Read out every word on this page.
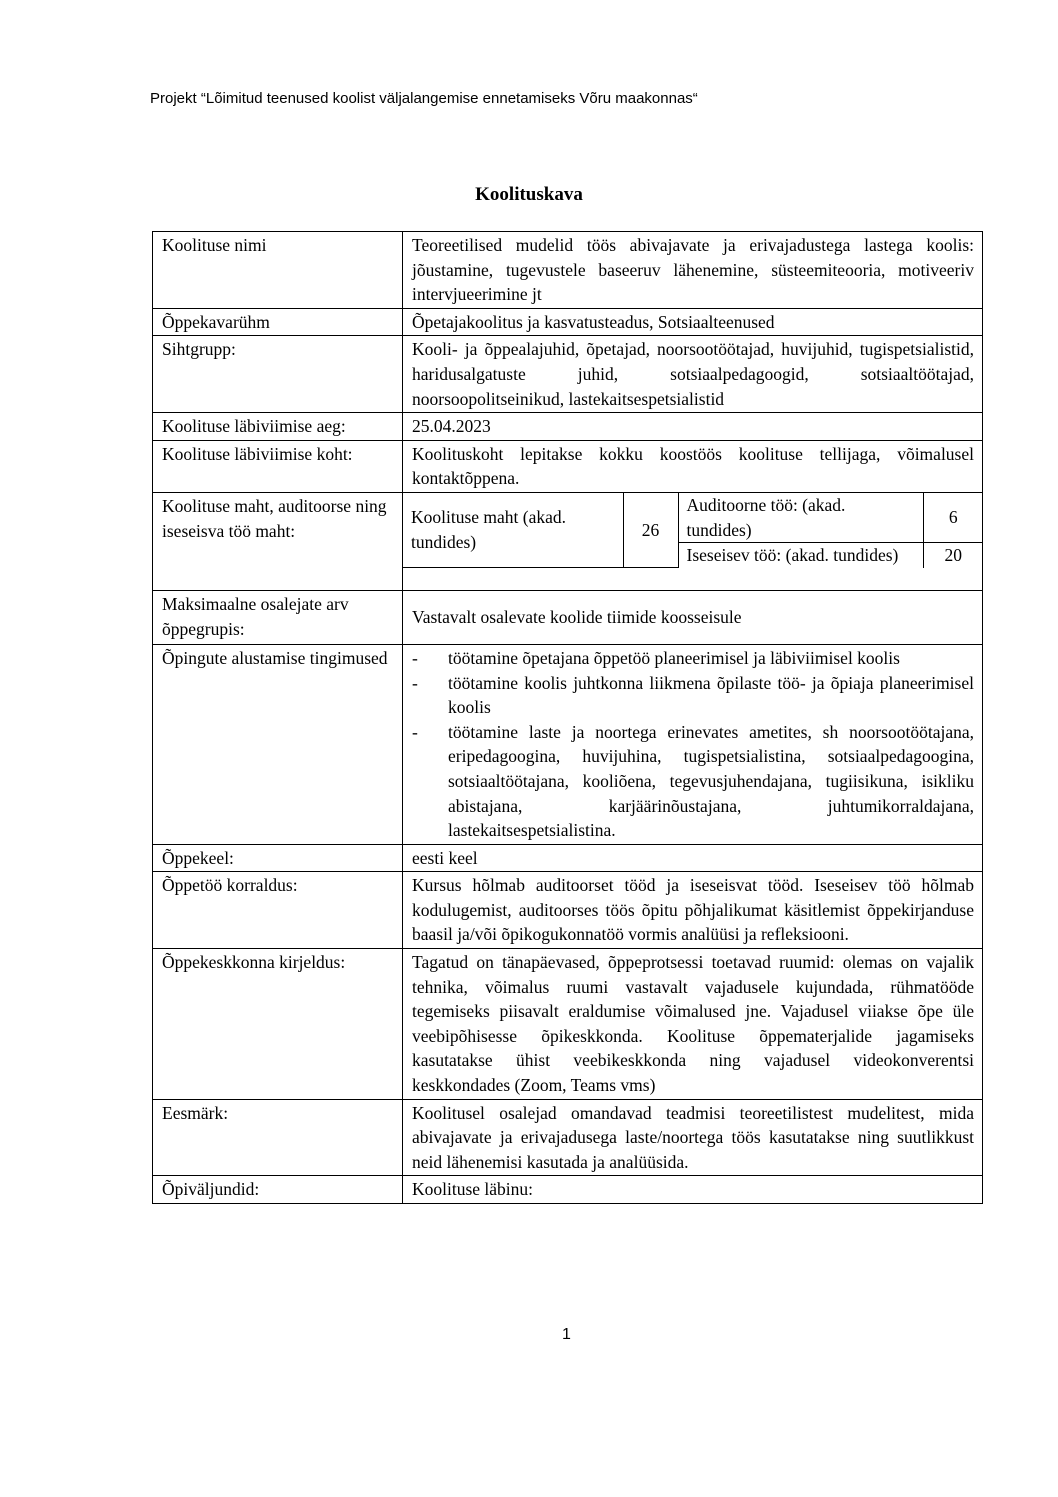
Projekt “Lõimitud teenused koolist väljalangemise ennetamiseks Võru maakonnas“
Koolituskava
Koolituse nimi	Teoreetilised mudelid töös abivajavate ja erivajadustega lastega koolis: jõustamine, tugevustele baseeruv lähenemine, süsteemiteooria, motiveeriv intervjueerimine jt
Õppekavarühm	Õpetajakoolitus ja kasvatusteadus, Sotsiaalteenused
Sihtgrupp:	Kooli- ja õppealajuhid, õpetajad, noorsootöötajad, huvijuhid, tugispetsialistid, haridusalgatuste juhid, sotsiaalpedagoogid, sotsiaaltöötajad, noorsoopolitseinikud, lastekaitsespetsialistid
Koolituse läbiviimise aeg:	25.04.2023
Koolituse läbiviimise koht:	Koolituskoht lepitakse kokku koostöös koolituse tellijaga, võimalusel kontaktõppena.
Koolituse maht, auditoorse ning iseseisva töö maht:	
Koolituse maht (akad. tundides)	26	Auditoorne töö: (akad. tundides)	6
Iseseisev töö: (akad. tundides)	20

Maksimaalne osalejate arv õppegrupis:	Vastavalt osalevate koolide tiimide koosseisule
Õpingute alustamise tingimused	
-töötamine õpetajana õppetöö planeerimisel ja läbiviimisel koolis
- töötamine koolis juhtkonna liikmena õpilaste töö- ja õpiaja planeerimisel koolis
- töötamine laste ja noortega erinevates ametites, sh noorsootöötajana, eripedagoogina, huvijuhina, tugispetsialistina, sotsiaalpedagoogina, sotsiaaltöötajana, kooliõena, tegevusjuhendajana, tugiisikuna, isikliku abistajana, karjäärinõustajana, juhtumikorraldajana, lastekaitsespetsialistina.

Õppekeel:	eesti keel
Õppetöö korraldus:	Kursus hõlmab auditoorset tööd ja iseseisvat tööd. Iseseisev töö hõlmab kodulugemist, auditoorses töös õpitu põhjalikumat käsitlemist õppekirjanduse baasil ja/või õpikogukonnatöö vormis analüüsi ja refleksiooni.
Õppekeskkonna kirjeldus:	Tagatud on tänapäevased, õppeprotsessi toetavad ruumid: olemas on vajalik tehnika, võimalus ruumi vastavalt vajadusele kujundada, rühmatööde tegemiseks piisavalt eraldumise võimalused jne. Vajadusel viiakse õpe üle veebipõhisesse õpikeskkonda. Koolituse õppematerjalide jagamiseks kasutatakse ühist veebikeskkonda ning vajadusel videokonverentsi keskkondades (Zoom, Teams vms)
Eesmärk:	Koolitusel osalejad omandavad teadmisi teoreetilistest mudelitest, mida abivajavate ja erivajadusega laste/noortega töös kasutatakse ning suutlikkust neid lähenemisi kasutada ja analüüsida.
Õpiväljundid:	Koolituse läbinu:
1
